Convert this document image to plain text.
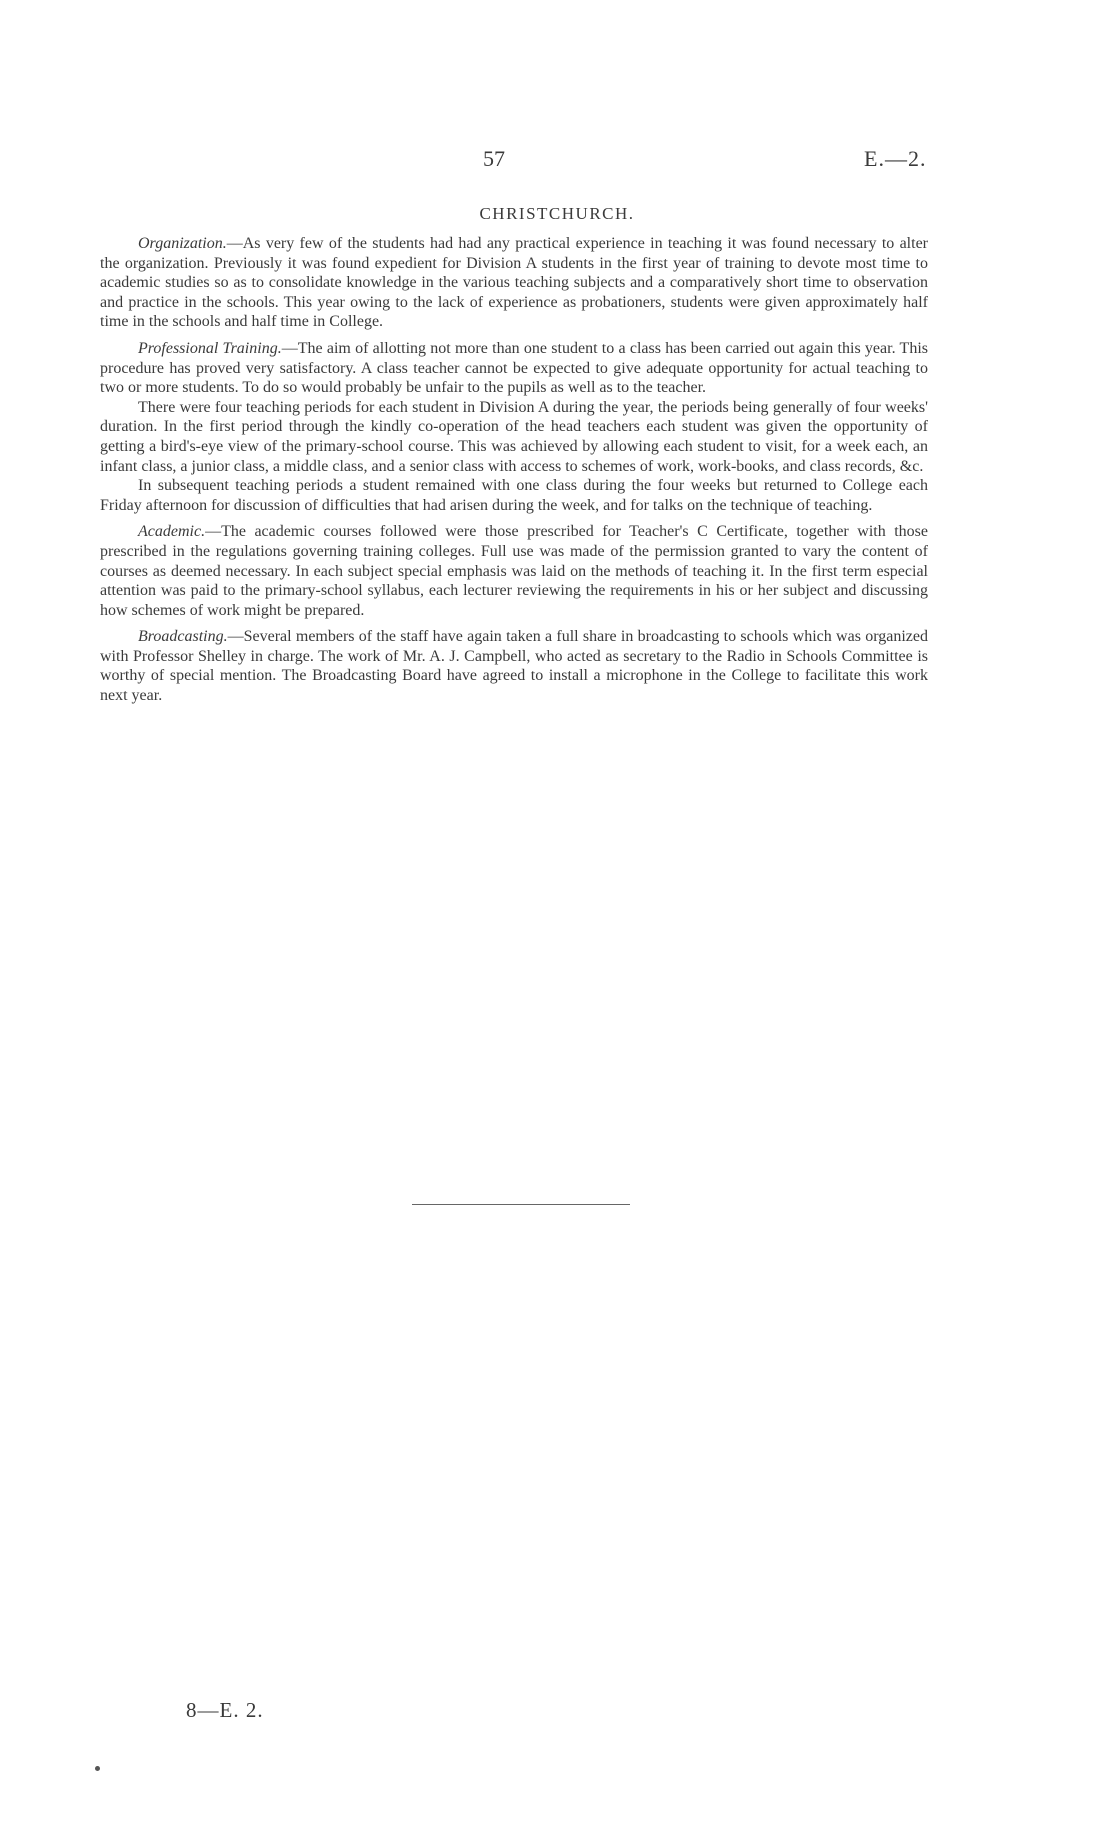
57	E.—2.
CHRISTCHURCH.

Organization.—As very few of the students had had any practical experience in teaching it was found necessary to alter the organization. Previously it was found expedient for Division A students in the first year of training to devote most time to academic studies so as to consolidate knowledge in the various teaching subjects and a comparatively short time to observation and practice in the schools. This year owing to the lack of experience as probationers, students were given approximately half time in the schools and half time in College.

Professional Training.—The aim of allotting not more than one student to a class has been carried out again this year. This procedure has proved very satisfactory. A class teacher cannot be expected to give adequate opportunity for actual teaching to two or more students. To do so would probably be unfair to the pupils as well as to the teacher.

There were four teaching periods for each student in Division A during the year, the periods being generally of four weeks' duration. In the first period through the kindly co-operation of the head teachers each student was given the opportunity of getting a bird's-eye view of the primary-school course. This was achieved by allowing each student to visit, for a week each, an infant class, a junior class, a middle class, and a senior class with access to schemes of work, work-books, and class records, &c.

In subsequent teaching periods a student remained with one class during the four weeks but returned to College each Friday afternoon for discussion of difficulties that had arisen during the week, and for talks on the technique of teaching.

Academic.—The academic courses followed were those prescribed for Teacher's C Certificate, together with those prescribed in the regulations governing training colleges. Full use was made of the permission granted to vary the content of courses as deemed necessary. In each subject special emphasis was laid on the methods of teaching it. In the first term especial attention was paid to the primary-school syllabus, each lecturer reviewing the requirements in his or her subject and discussing how schemes of work might be prepared.

Broadcasting.—Several members of the staff have again taken a full share in broadcasting to schools which was organized with Professor Shelley in charge. The work of Mr. A. J. Campbell, who acted as secretary to the Radio in Schools Committee is worthy of special mention. The Broadcasting Board have agreed to install a microphone in the College to facilitate this work next year.

8—E. 2.
